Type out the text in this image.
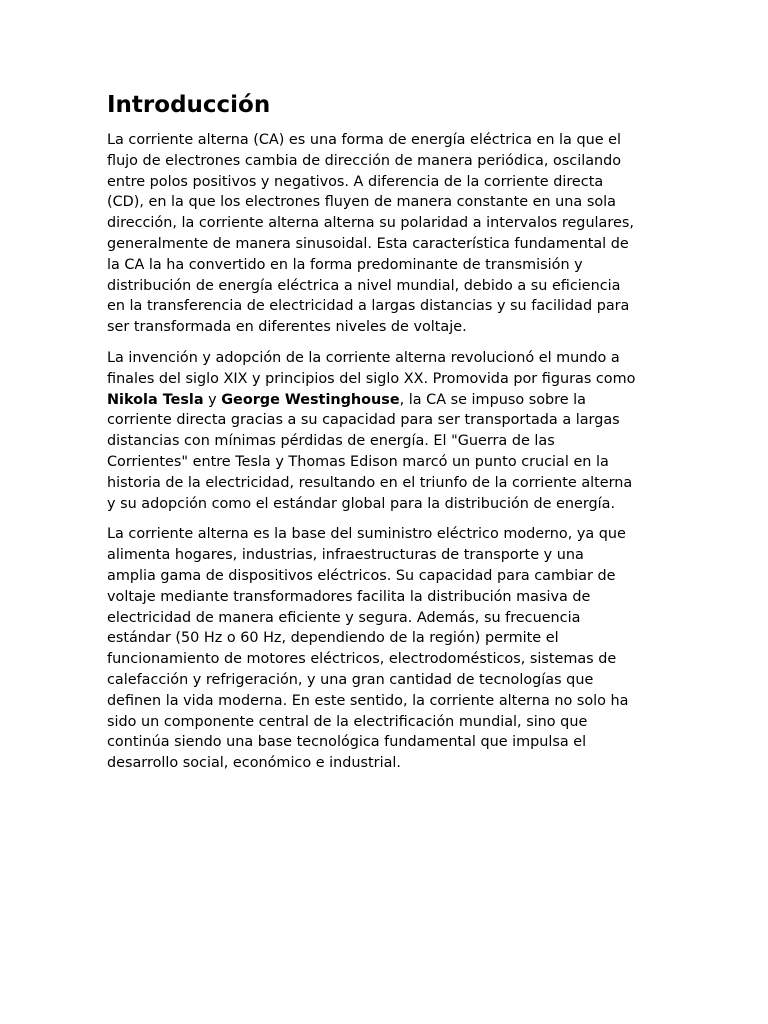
Introducción

La corriente alterna (CA) es una forma de energía eléctrica en la que el
flujo de electrones cambia de dirección de manera periódica, oscilando
entre polos positivos y negativos. A diferencia de la corriente directa
(CD), en la que los electrones fluyen de manera constante en una sola
dirección, la corriente alterna alterna su polaridad a intervalos regulares,
generalmente de manera sinusoidal. Esta característica fundamental de
la CA la ha convertido en la forma predominante de transmisión y
distribución de energía eléctrica a nivel mundial, debido a su eficiencia
en la transferencia de electricidad a largas distancias y su facilidad para
ser transformada en diferentes niveles de voltaje.

La invención y adopción de la corriente alterna revolucionó el mundo a
finales del siglo XIX y principios del siglo XX. Promovida por figuras como
Nikola Tesla y George Westinghouse, la CA se impuso sobre la
corriente directa gracias a su capacidad para ser transportada a largas
distancias con mínimas pérdidas de energía. El "Guerra de las
Corrientes" entre Tesla y Thomas Edison marcó un punto crucial en la
historia de la electricidad, resultando en el triunfo de la corriente alterna
y su adopción como el estándar global para la distribución de energía.

La corriente alterna es la base del suministro eléctrico moderno, ya que
alimenta hogares, industrias, infraestructuras de transporte y una
amplia gama de dispositivos eléctricos. Su capacidad para cambiar de
voltaje mediante transformadores facilita la distribución masiva de
electricidad de manera eficiente y segura. Además, su frecuencia
estándar (50 Hz o 60 Hz, dependiendo de la región) permite el
funcionamiento de motores eléctricos, electrodomésticos, sistemas de
calefacción y refrigeración, y una gran cantidad de tecnologías que
definen la vida moderna. En este sentido, la corriente alterna no solo ha
sido un componente central de la electrificación mundial, sino que
continúa siendo una base tecnológica fundamental que impulsa el
desarrollo social, económico e industrial.
